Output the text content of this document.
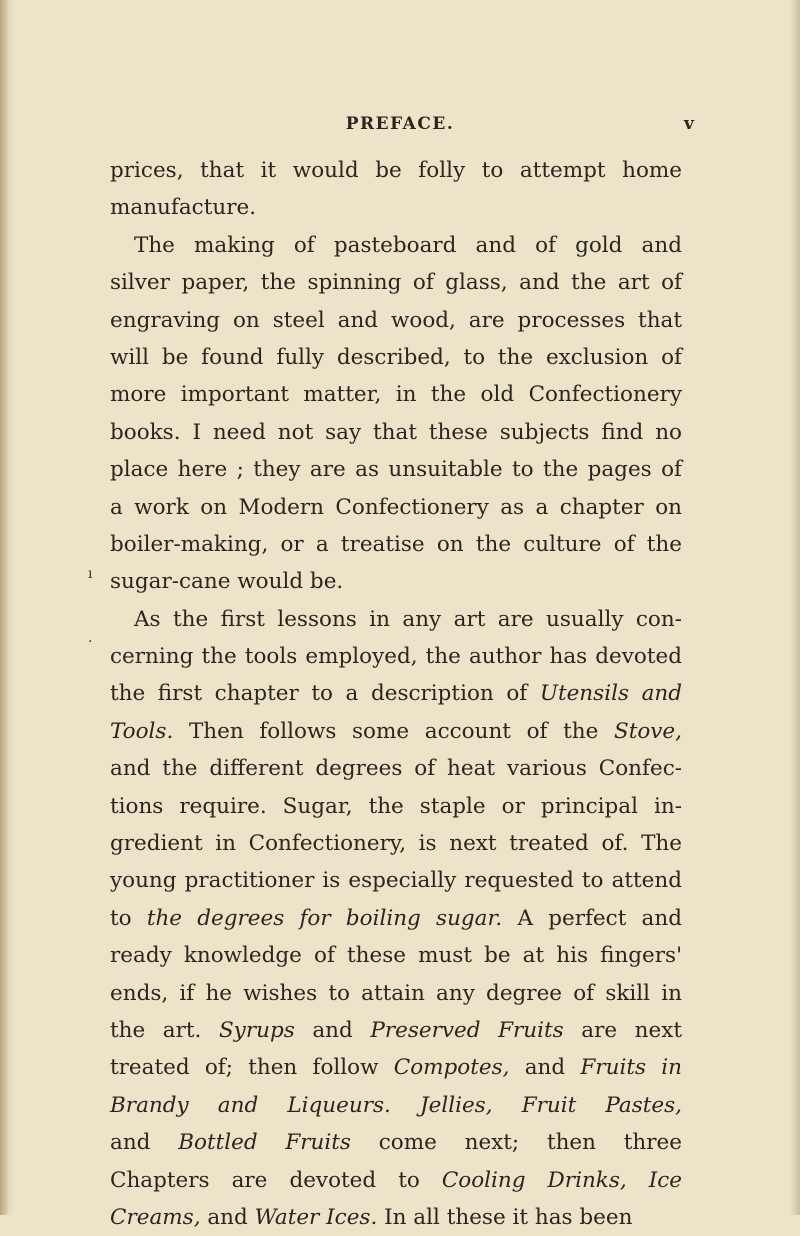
PREFACE.	v
ı
·
prices, that it would be folly to attempt home
manufacture.
The making of pasteboard and of gold and
silver paper, the spinning of glass, and the art of
engraving on steel and wood, are processes that
will be found fully described, to the exclusion of
more important matter, in the old Confectionery
books. I need not say that these subjects find no
place here ; they are as unsuitable to the pages of
a work on Modern Confectionery as a chapter on
boiler-making, or a treatise on the culture of the
sugar-cane would be.
As the first lessons in any art are usually con-
cerning the tools employed, the author has devoted
the first chapter to a description of Utensils and
Tools. Then follows some account of the Stove,
and the different degrees of heat various Confec-
tions require. Sugar, the staple or principal in-
gredient in Confectionery, is next treated of. The
young practitioner is especially requested to attend
to the degrees for boiling sugar. A perfect and
ready knowledge of these must be at his fingers'
ends, if he wishes to attain any degree of skill in
the art. Syrups and Preserved Fruits are next
treated of; then follow Compotes, and Fruits in
Brandy and Liqueurs. Jellies, Fruit Pastes,
and Bottled Fruits come next; then three
Chapters are devoted to Cooling Drinks, Ice
Creams, and Water Ices. In all these it has been
